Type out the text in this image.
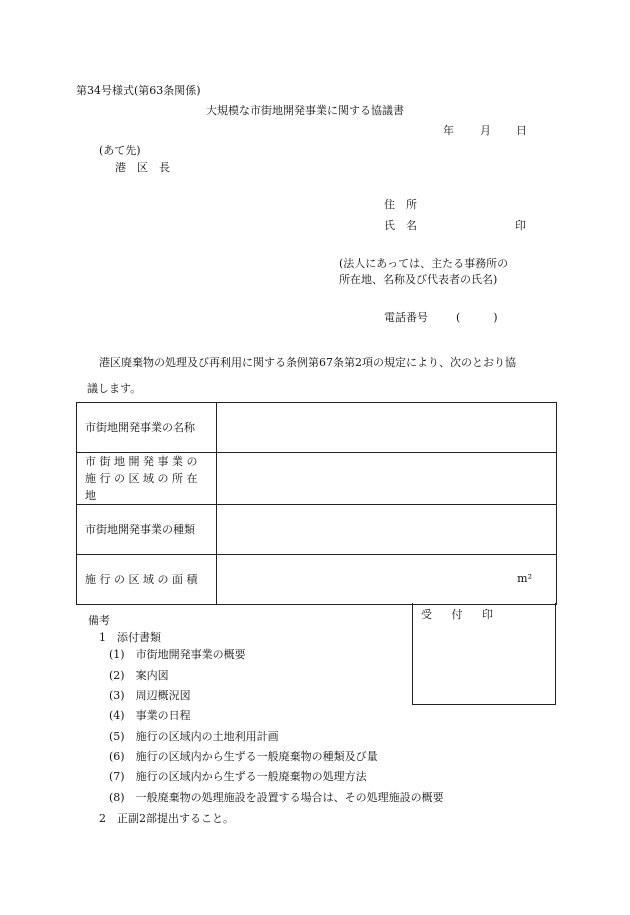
第34号様式(第63条関係)
大規模な市街地開発事業に関する協議書
年 月 日
(あて先)
港　区　長
住　所
氏　名	印
(法人にあっては、主たる事務所の
所在地、名称及び代表者の氏名)
電話番号	(　　　)
港区廃棄物の処理及び再利用に関する条例第67条第2項の規定により、次のとおり協
議します。
市街地開発事業の名称	

市 街 地 開 発 事 業 の
施 行 の 区 域 の 所 在 地	

市街地開発事業の種類	
施 行 の 区 域 の 面 積	m²
受 付 印
備考
1　添付書類
(1)　市街地開発事業の概要
(2)　案内図
(3)　周辺概況図
(4)　事業の日程
(5)　施行の区域内の土地利用計画
(6)　施行の区域内から生ずる一般廃棄物の種類及び量
(7)　施行の区域内から生ずる一般廃棄物の処理方法
(8)　一般廃棄物の処理施設を設置する場合は、その処理施設の概要
2　正副2部提出すること。
